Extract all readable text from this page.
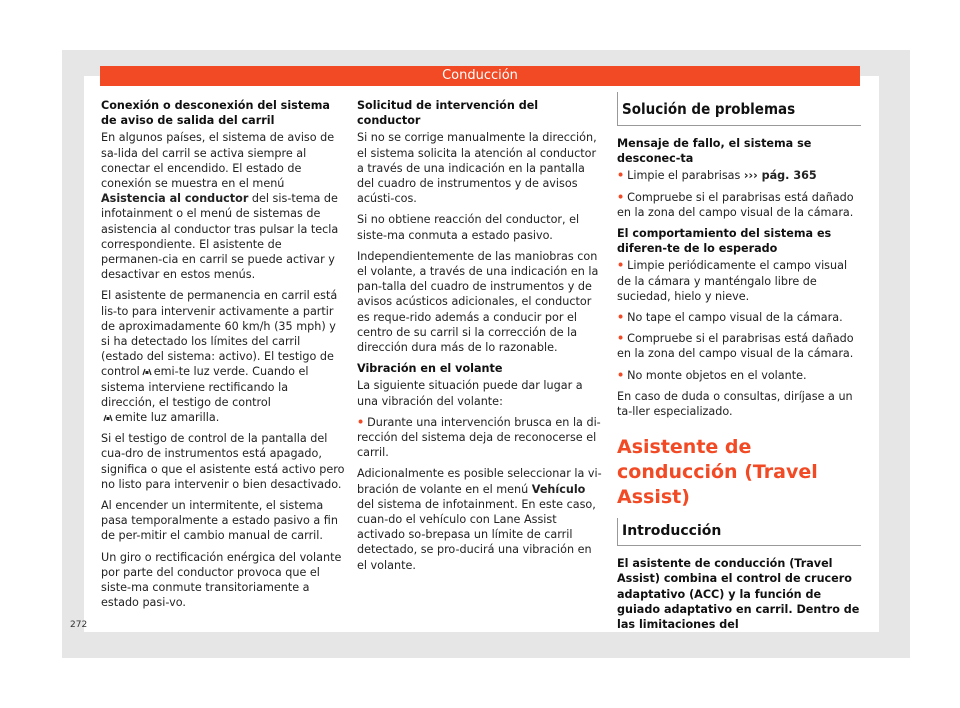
Conducción

Conexión o desconexión del sistema de aviso de salida del carril

En algunos países, el sistema de aviso de sa-lida del carril se activa siempre al conectar el encendido. El estado de conexión se muestra en el menú Asistencia al conductor del sis-tema de infotainment o el menú de sistemas de asistencia al conductor tras pulsar la tecla correspondiente. El asistente de permanen-cia en carril se puede activar y desactivar en estos menús.

El asistente de permanencia en carril está lis-to para intervenir activamente a partir de aproximadamente 60 km/h (35 mph) y si ha detectado los límites del carril (estado del sistema: activo). El testigo de control emi-te luz verde. Cuando el sistema interviene rectificando la dirección, el testigo de control
emite luz amarilla.

Si el testigo de control de la pantalla del cua-dro de instrumentos está apagado, significa o que el asistente está activo pero no listo para intervenir o bien desactivado.

Al encender un intermitente, el sistema pasa temporalmente a estado pasivo a fin de per-mitir el cambio manual de carril.

Un giro o rectificación enérgica del volante por parte del conductor provoca que el siste-ma conmute transitoriamente a estado pasi-vo.

Solicitud de intervención del conductor

Si no se corrige manualmente la dirección, el sistema solicita la atención al conductor a través de una indicación en la pantalla del cuadro de instrumentos y de avisos acústi-cos.

Si no obtiene reacción del conductor, el siste-ma conmuta a estado pasivo.

Independientemente de las maniobras con el volante, a través de una indicación en la pan-talla del cuadro de instrumentos y de avisos acústicos adicionales, el conductor es reque-rido además a conducir por el centro de su carril si la corrección de la dirección dura más de lo razonable.

Vibración en el volante

La siguiente situación puede dar lugar a una vibración del volante:

• Durante una intervención brusca en la di-rección del sistema deja de reconocerse el carril.

Adicionalmente es posible seleccionar la vi-bración de volante en el menú Vehículo del sistema de infotainment. En este caso, cuan-do el vehículo con Lane Assist activado so-brepasa un límite de carril detectado, se pro-ducirá una vibración en el volante.

Solución de problemas

Mensaje de fallo, el sistema se desconec-ta

• Limpie el parabrisas ››› pág. 365
• Compruebe si el parabrisas está dañado en la zona del campo visual de la cámara.

El comportamiento del sistema es diferen-te de lo esperado

• Limpie periódicamente el campo visual de la cámara y manténgalo libre de suciedad, hielo y nieve.
• No tape el campo visual de la cámara.
• Compruebe si el parabrisas está dañado en la zona del campo visual de la cámara.
• No monte objetos en el volante.

En caso de duda o consultas, diríjase a un ta-ller especializado.

Asistente de conducción (Travel Assist)
Introducción

El asistente de conducción (Travel Assist) combina el control de crucero adaptativo (ACC) y la función de guiado adaptativo en carril. Dentro de las limitaciones del

272
